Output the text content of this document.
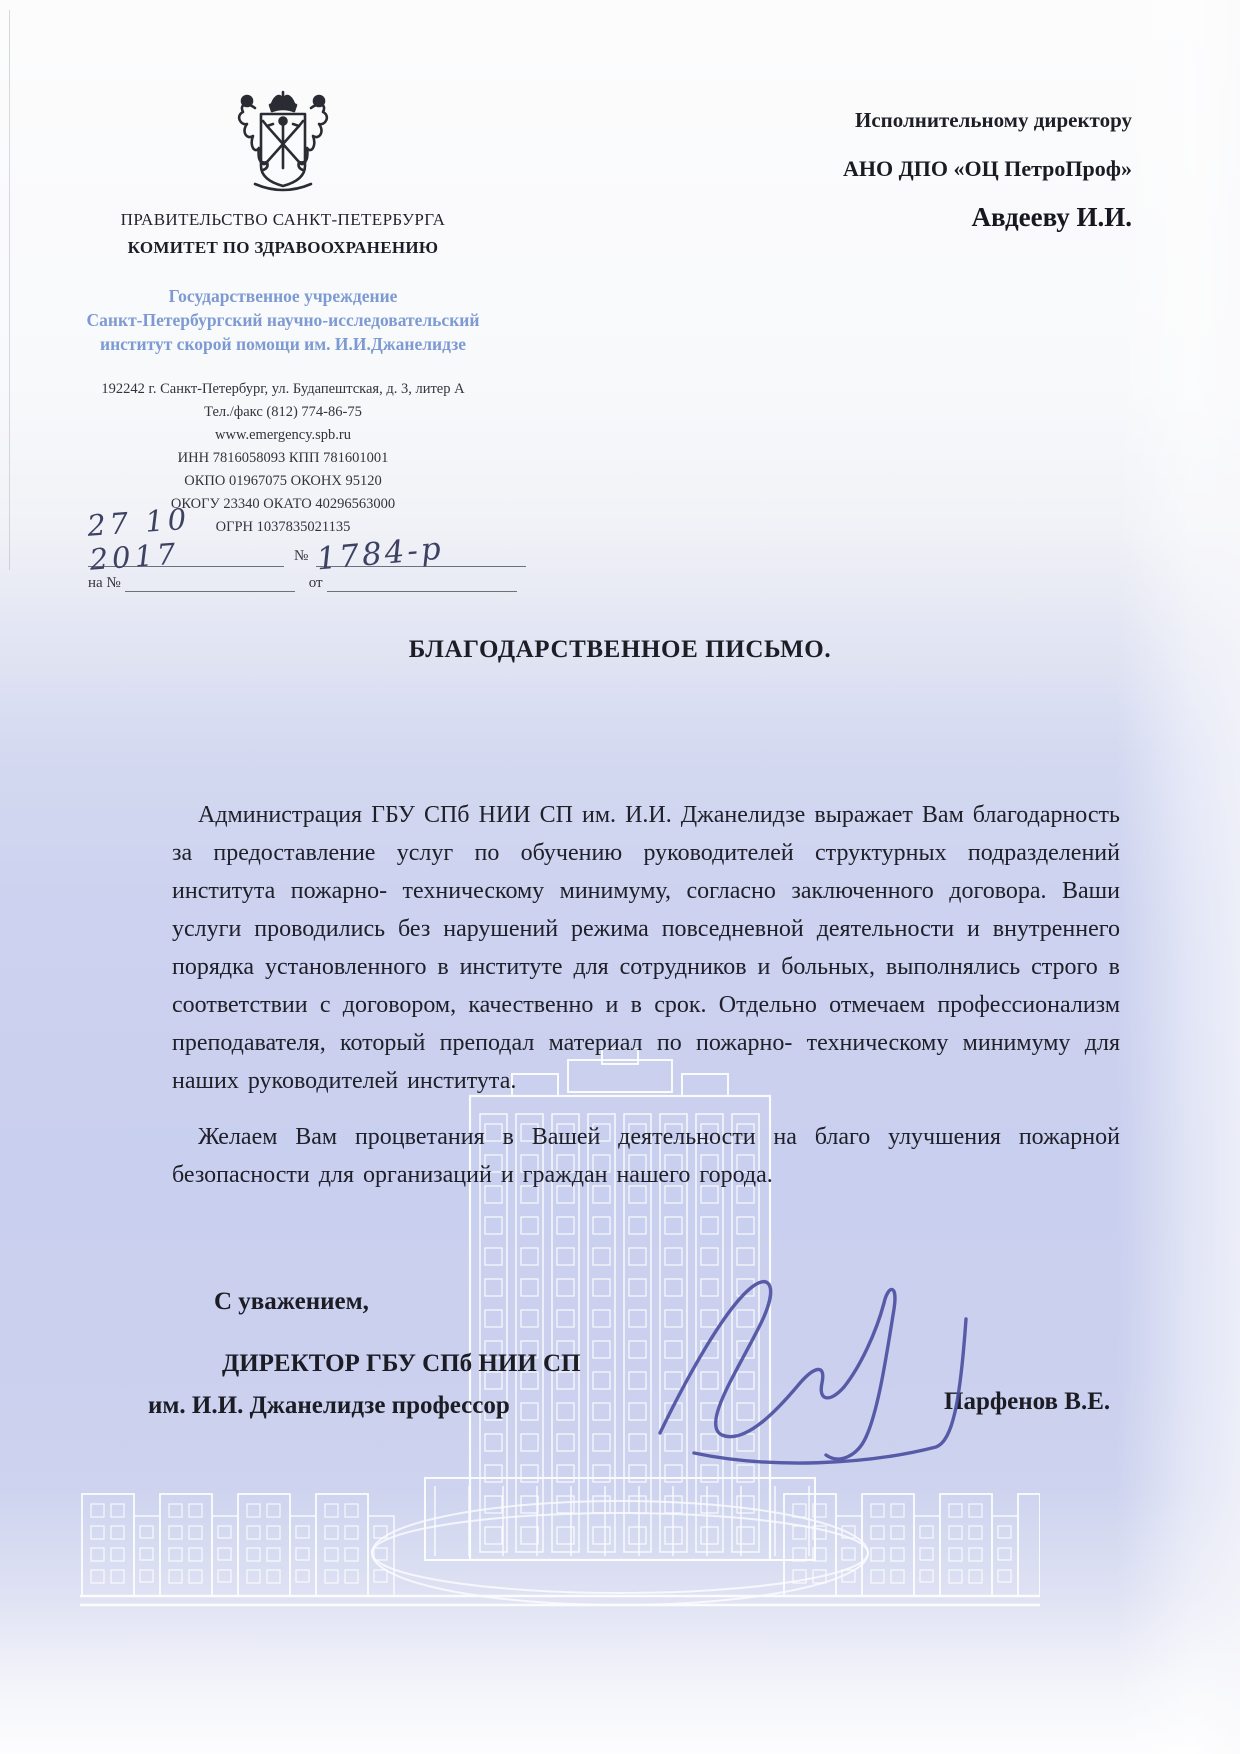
ПРАВИТЕЛЬСТВО САНКТ-ПЕТЕРБУРГА
КОМИТЕТ ПО ЗДРАВООХРАНЕНИЮ
Государственное учреждение
Санкт-Петербургский научно-исследовательский
институт скорой помощи им. И.И.Джанелидзе
192242 г. Санкт-Петербург, ул. Будапештская, д. 3, литер А
Тел./факс (812) 774-86-75
www.emergency.spb.ru
ИНН 7816058093 КПП 781601001
ОКПО 01967075 ОКОНХ 95120
ОКОГУ 23340 ОКАТО 40296563000
ОГРН 1037835021135
27 10 2017	№ 1784-р
на №	от
Исполнительному директору
АНО ДПО «ОЦ ПетроПроф»
Авдееву И.И.
БЛАГОДАРСТВЕННОЕ ПИСЬМО.

Администрация ГБУ СПб НИИ СП им. И.И. Джанелидзе выражает Вам благодарность за предоставление услуг по обучению руководителей структурных подразделений института пожарно- техническому минимуму, согласно заключенного договора. Ваши услуги проводились без нарушений режима повседневной деятельности и внутреннего порядка установленного в институте для сотрудников и больных, выполнялись строго в соответствии с договором, качественно и в срок. Отдельно отмечаем профессионализм преподавателя, который преподал материал по пожарно- техническому минимуму для наших руководителей института.

Желаем Вам процветания в Вашей деятельности на благо улучшения пожарной безопасности для организаций и граждан нашего города.

С уважением,
ДИРЕКТОР ГБУ СПб НИИ СП
им. И.И. Джанелидзе профессор	Парфенов В.Е.
